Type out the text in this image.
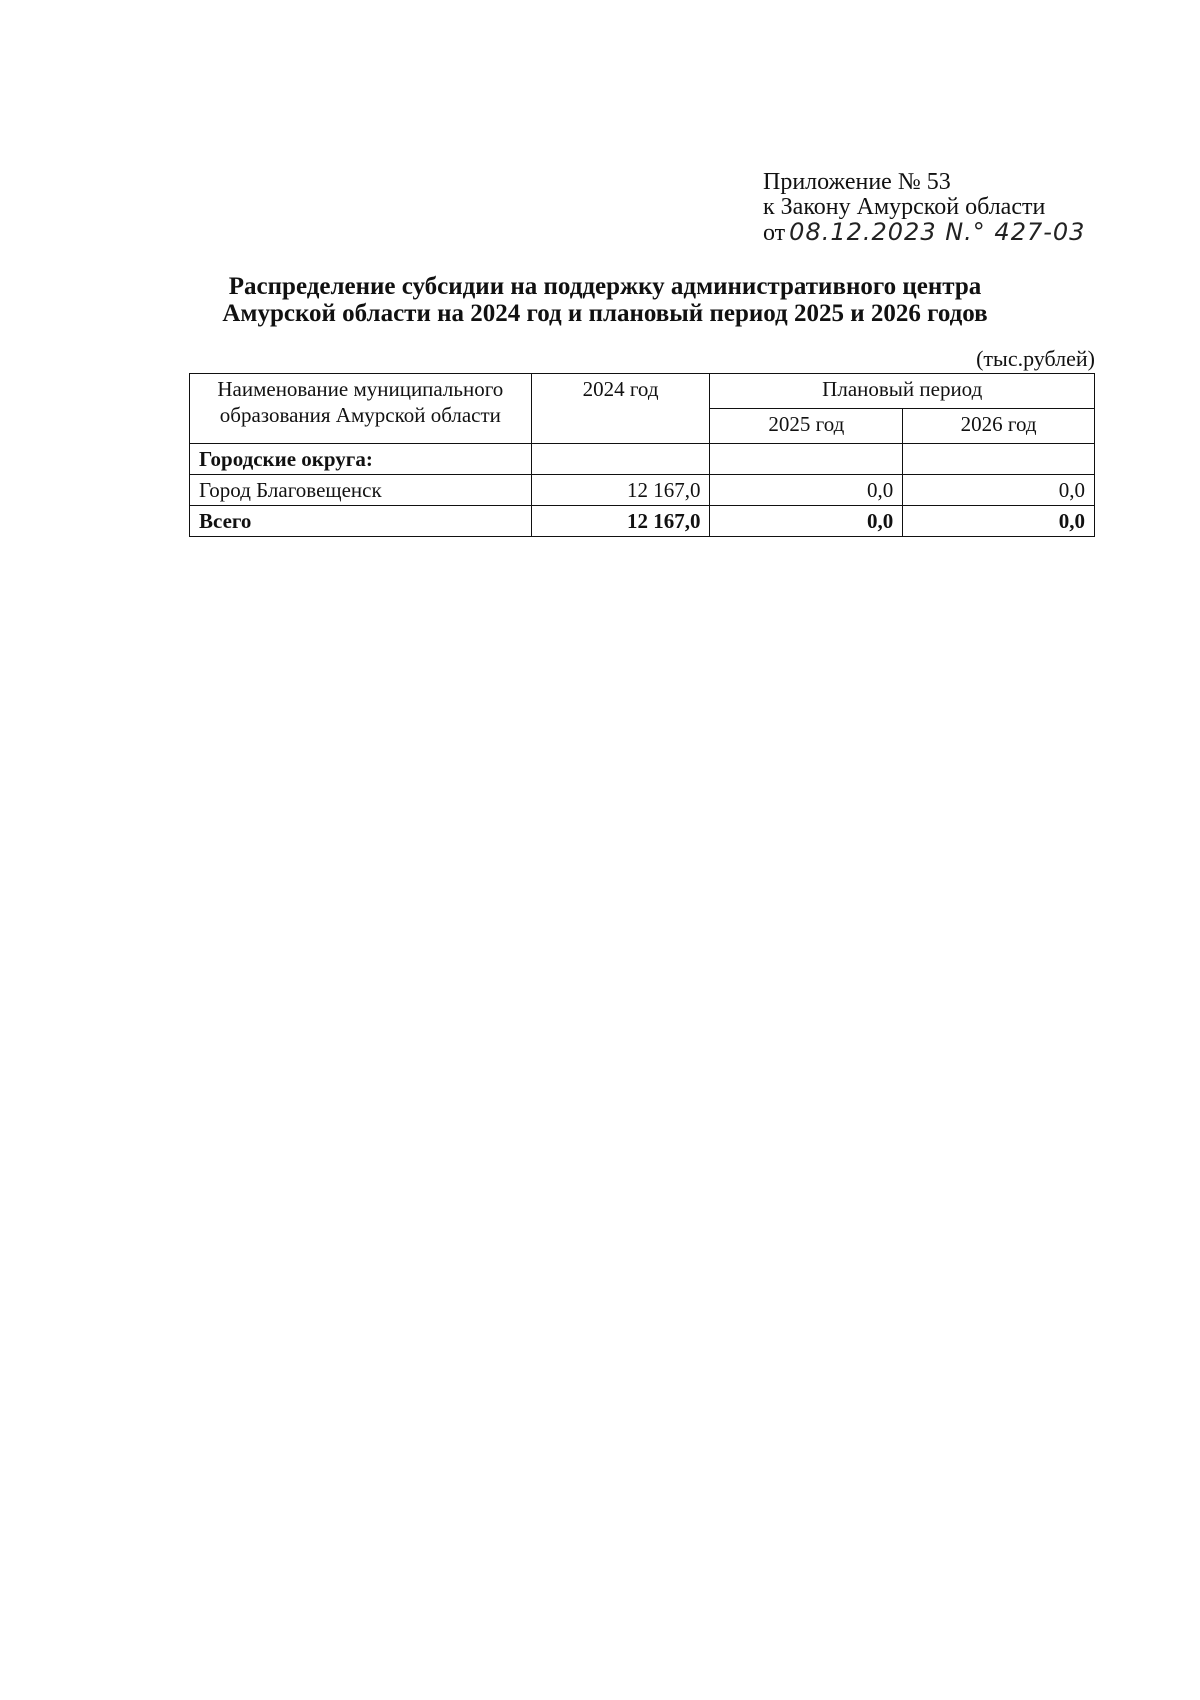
Приложение № 53
к Закону Амурской области
от 08.12.2023 N.° 427-03
Распределение субсидии на поддержку административного центра
Амурской области на 2024 год и плановый период 2025 и 2026 годов
(тыс.рублей)
Наименование муниципального образования Амурской области	2024 год	Плановый период	
		2025 год	2026 год
Городские округа:			
Город Благовещенск	12 167,0	0,0	0,0
Всего	12 167,0	0,0	0,0
